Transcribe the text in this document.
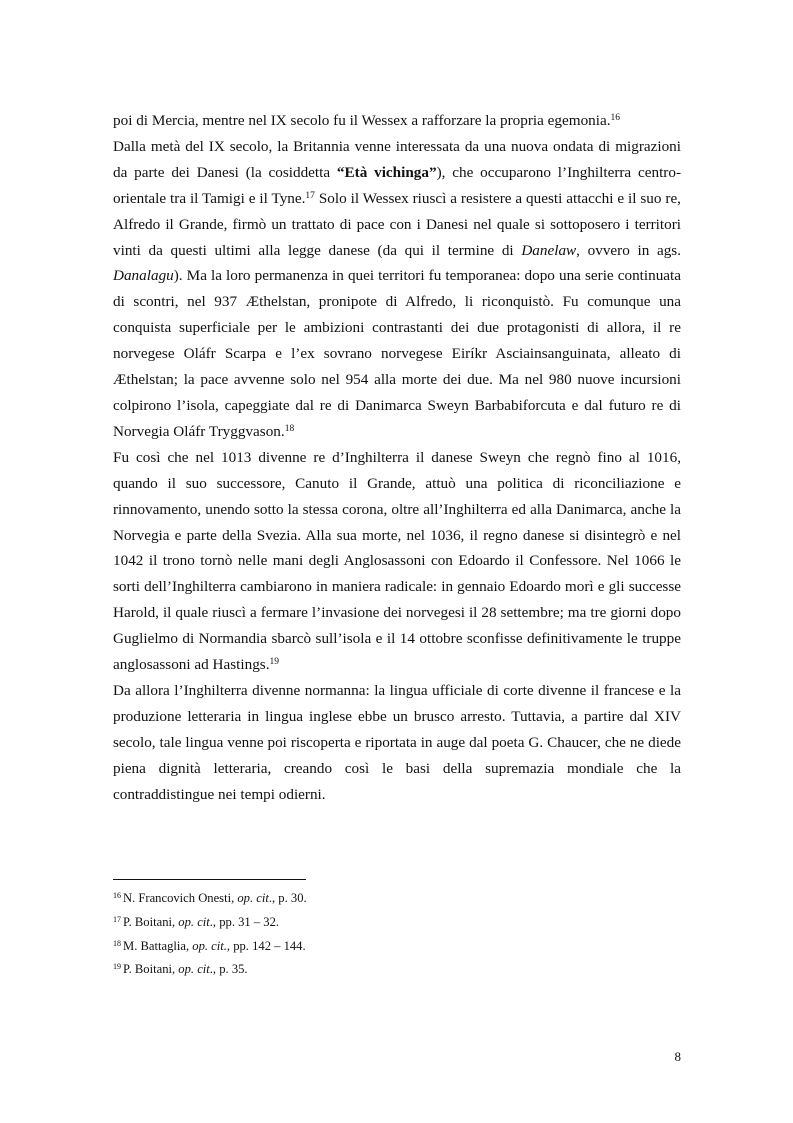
poi di Mercia, mentre nel IX secolo fu il Wessex a rafforzare la propria egemonia.$^{16}$

Dalla metà del IX secolo, la Britannia venne interessata da una nuova ondata di migrazioni da parte dei Danesi (la cosiddetta “Età vichinga”), che occuparono l’Inghilterra centro-orientale tra il Tamigi e il Tyne.$^{17}$ Solo il Wessex riuscì a resistere a questi attacchi e il suo re, Alfredo il Grande, firmò un trattato di pace con i Danesi nel quale si sottoposero i territori vinti da questi ultimi alla legge danese (da qui il termine di Danelaw, ovvero in ags. Danalagu). Ma la loro permanenza in quei territori fu temporanea: dopo una serie continuata di scontri, nel 937 Æthelstan, pronipote di Alfredo, li riconquistò. Fu comunque una conquista superficiale per le ambizioni contrastanti dei due protagonisti di allora, il re norvegese Oláfr Scarpa e l’ex sovrano norvegese Eiríkr Asciainsanguinata, alleato di Æthelstan; la pace avvenne solo nel 954 alla morte dei due. Ma nel 980 nuove incursioni colpirono l’isola, capeggiate dal re di Danimarca Sweyn Barbabiforcuta e dal futuro re di Norvegia Oláfr Tryggvason.$^{18}$

Fu così che nel 1013 divenne re d’Inghilterra il danese Sweyn che regnò fino al 1016, quando il suo successore, Canuto il Grande, attuò una politica di riconciliazione e rinnovamento, unendo sotto la stessa corona, oltre all’Inghilterra ed alla Danimarca, anche la Norvegia e parte della Svezia. Alla sua morte, nel 1036, il regno danese si disintegrò e nel 1042 il trono tornò nelle mani degli Anglosassoni con Edoardo il Confessore. Nel 1066 le sorti dell’Inghilterra cambiarono in maniera radicale: in gennaio Edoardo morì e gli successe Harold, il quale riuscì a fermare l’invasione dei norvegesi il 28 settembre; ma tre giorni dopo Guglielmo di Normandia sbarcò sull’isola e il 14 ottobre sconfisse definitivamente le truppe anglosassoni ad Hastings.$^{19}$

Da allora l’Inghilterra divenne normanna: la lingua ufficiale di corte divenne il francese e la produzione letteraria in lingua inglese ebbe un brusco arresto. Tuttavia, a partire dal XIV secolo, tale lingua venne poi riscoperta e riportata in auge dal poeta G. Chaucer, che ne diede piena dignità letteraria, creando così le basi della supremazia mondiale che la contraddistingue nei tempi odierni.

$^{16}$ N. Francovich Onesti, op. cit., p. 30.

$^{17}$ P. Boitani, op. cit., pp. 31 – 32.

$^{18}$ M. Battaglia, op. cit., pp. 142 – 144.

$^{19}$ P. Boitani, op. cit., p. 35.

8
